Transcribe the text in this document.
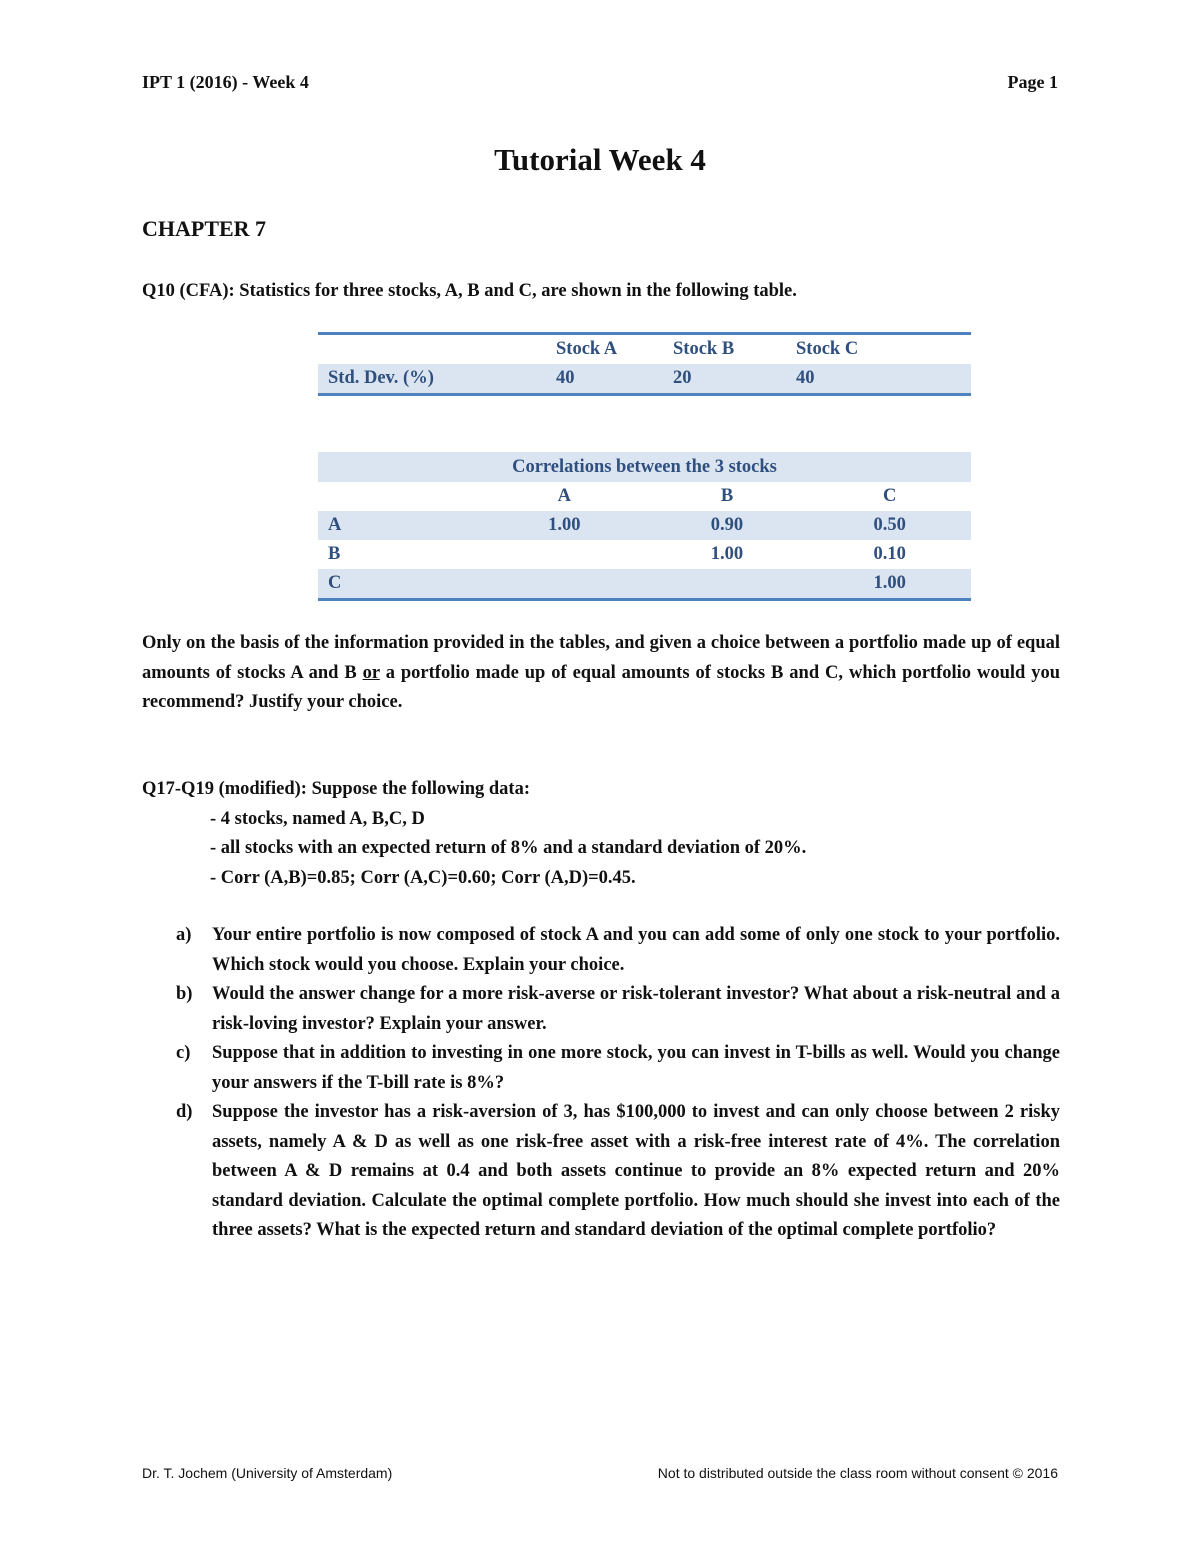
IPT 1 (2016) - Week 4	Page 1
Tutorial Week 4
CHAPTER 7
Q10 (CFA): Statistics for three stocks, A, B and C, are shown in the following table.
	Stock A	Stock B	Stock C
Std. Dev. (%)	40	20	40
Correlations between the 3 stocks			
	A	B	C
A	1.00	0.90	0.50
B		1.00	0.10
C			1.00
Only on the basis of the information provided in the tables, and given a choice between a portfolio made up of equal amounts of stocks A and B or a portfolio made up of equal amounts of stocks B and C, which portfolio would you recommend? Justify your choice.
Q17-Q19 (modified): Suppose the following data:
- 4 stocks, named A, B,C, D
- all stocks with an expected return of 8% and a standard deviation of 20%.
- Corr (A,B)=0.85; Corr (A,C)=0.60; Corr (A,D)=0.45.
a)	Your entire portfolio is now composed of stock A and you can add some of only one stock to your portfolio. Which stock would you choose. Explain your choice.
b)	Would the answer change for a more risk-averse or risk-tolerant investor? What about a risk-neutral and a risk-loving investor? Explain your answer.
c)	Suppose that in addition to investing in one more stock, you can invest in T-bills as well. Would you change your answers if the T-bill rate is 8%?
d)	Suppose the investor has a risk-aversion of 3, has $100,000 to invest and can only choose between 2 risky assets, namely A & D as well as one risk-free asset with a risk-free interest rate of 4%. The correlation between A & D remains at 0.4 and both assets continue to provide an 8% expected return and 20% standard deviation. Calculate the optimal complete portfolio. How much should she invest into each of the three assets? What is the expected return and standard deviation of the optimal complete portfolio?
Dr. T. Jochem (University of Amsterdam)	Not to distributed outside the class room without consent © 2016
